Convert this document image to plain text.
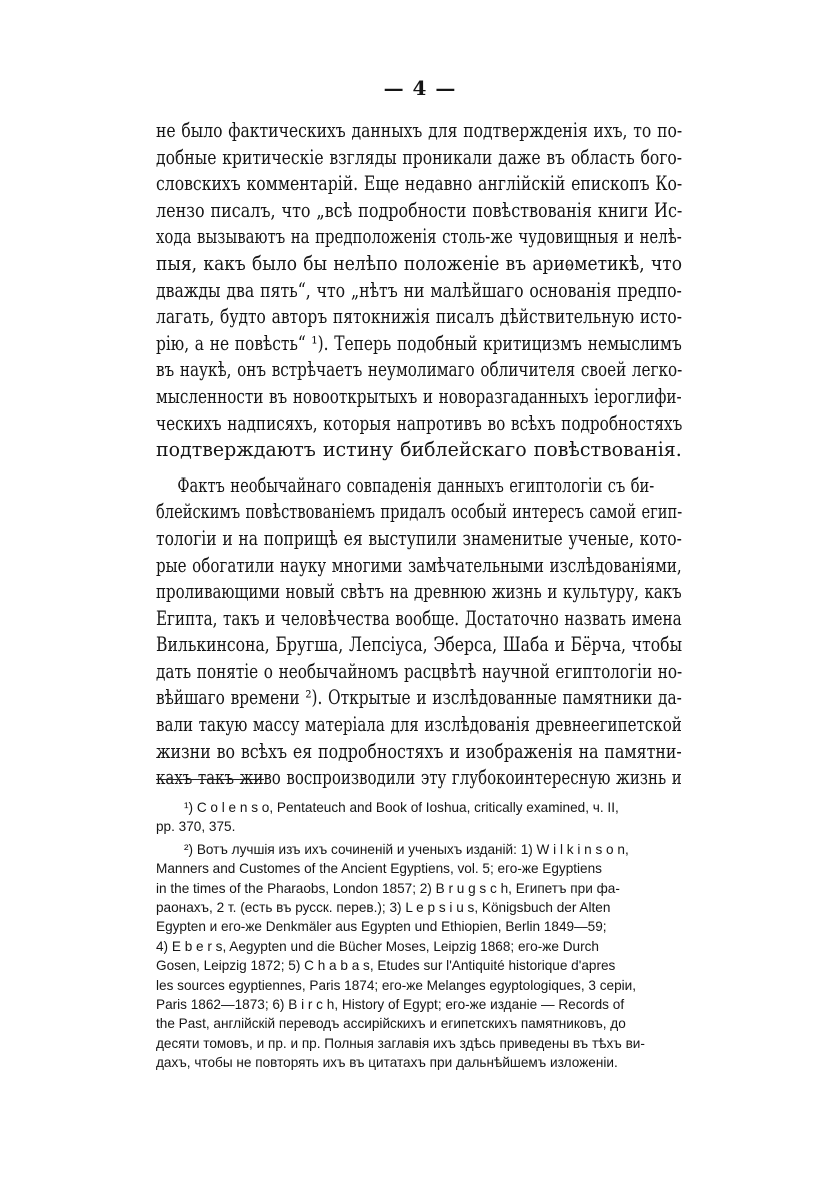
— 4 —
не было фактическихъ данныхъ для подтвержденія ихъ, то по-
добные критическіе взгляды проникали даже въ область бого-
словскихъ комментарій. Еще недавно англійскій епископъ Ко-
лензо писалъ, что „всѣ подробности повѣствованія книги Ис-
хода вызываютъ на предположенія столь-же чудовищныя и нелѣ-
пыя, какъ было бы нелѣпо положеніе въ ариѳметикѣ, что
дважды два пять“, что „нѣтъ ни малѣйшаго основанія предпо-
лагать, будто авторъ пятокнижія писалъ дѣйствительную исто-
рію, а не повѣсть“ ¹). Теперь подобный критицизмъ немыслимъ
въ наукѣ, онъ встрѣчаетъ неумолимаго обличителя своей легко-
мысленности въ новооткрытыхъ и новоразгаданныхъ іероглифи-
ческихъ надписяхъ, которыя напротивъ во всѣхъ подробностяхъ
подтверждаютъ истину библейскаго повѣствованія.
Фактъ необычайнаго совпаденія данныхъ египтологіи съ би-
блейскимъ повѣствованіемъ придалъ особый интересъ самой егип-
тологіи и на поприщѣ ея выступили знаменитые ученые, кото-
рые обогатили науку многими замѣчательными изслѣдованіями,
проливающими новый свѣтъ на древнюю жизнь и культуру, какъ
Египта, такъ и человѣчества вообще. Достаточно назвать имена
Вилькинсона, Бругша, Лепсіуса, Эберса, Шаба и Бёрча, чтобы
дать понятіе о необычайномъ расцвѣтѣ научной египтологіи но-
вѣйшаго времени ²). Открытые и изслѣдованные памятники да-
вали такую массу матеріала для изслѣдованія древнеегипетской
жизни во всѣхъ ея подробностяхъ и изображенія на памятни-
кахъ такъ живо воспроизводили эту глубокоинтересную жизнь и
¹) C o l e n s o, Pentateuch and Book of Ioshua, critically examined, ч. II,
pp. 370, 375.
²) Вотъ лучшія изъ ихъ сочиненій и ученыхъ изданій: 1) W i l k i n s o n,
Manners and Customes of the Ancient Egyptiens, vol. 5; его-же Egyptiens
in the times of the Pharaobs, London 1857; 2) B r u g s c h, Египетъ при фа-
раонахъ, 2 т. (есть въ русск. перев.); 3) L e p s i u s, Königsbuch der Alten
Egypten и его-же Denkmäler aus Egypten und Ethiopien, Berlin 1849—59;
4) E b e r s, Aegypten und die Bücher Moses, Leipzig 1868; его-же Durch
Gosen, Leipzig 1872; 5) C h a b a s, Etudes sur l'Antiquité historique d'apres
les sources egyptiennes, Paris 1874; его-же Melanges egyptologiques, 3 серіи,
Paris 1862—1873; 6) B i r c h, History of Egypt; его-же изданіе — Records of
the Past, англійскій переводъ ассирійскихъ и египетскихъ памятниковъ, до
десяти томовъ, и пр. и пр. Полныя заглавія ихъ здѣсь приведены въ тѣхъ ви-
дахъ, чтобы не повторять ихъ въ цитатахъ при дальнѣйшемъ изложеніи.
